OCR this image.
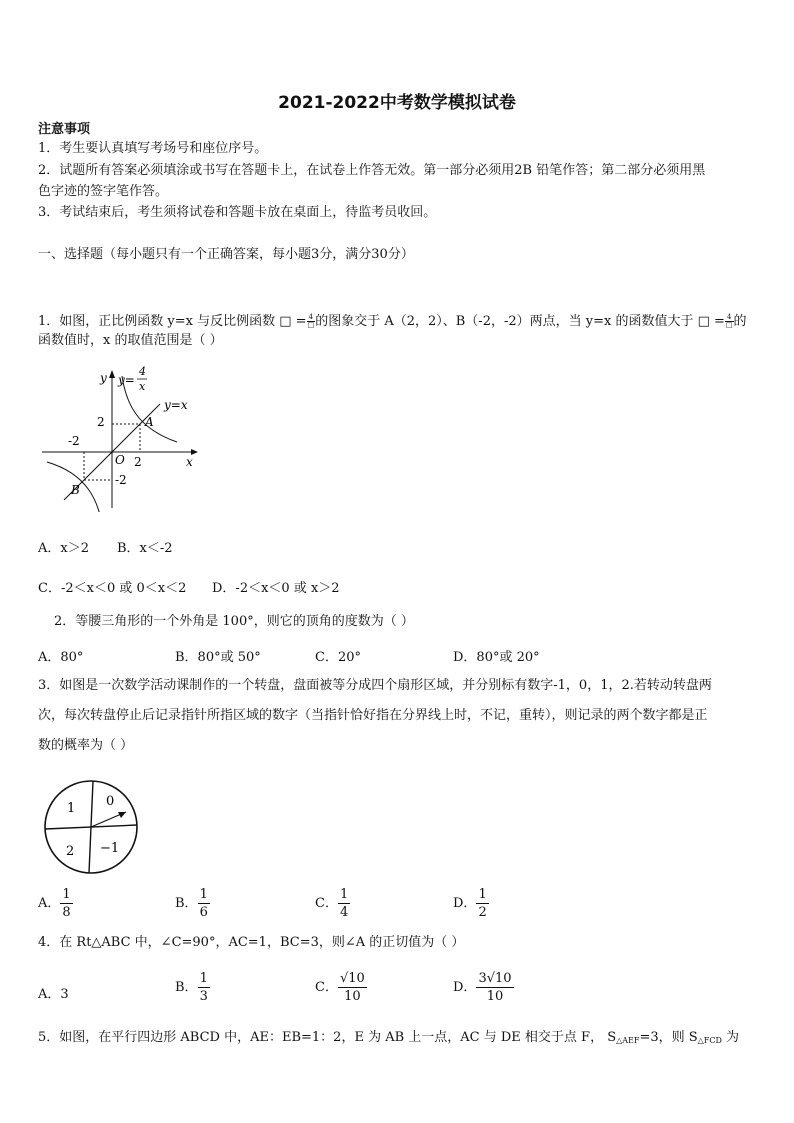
2021-2022中考数学模拟试卷
注意事项
1．考生要认真填写考场号和座位序号。
2．试题所有答案必须填涂或书写在答题卡上，在试卷上作答无效。第一部分必须用2B 铅笔作答；第二部分必须用黑
色字迹的签字笔作答。
3．考试结束后，考生须将试卷和答题卡放在桌面上，待监考员收回。
一、选择题（每小题只有一个正确答案，每小题3分，满分30分）
1．如图，正比例函数 y=x 与反比例函数 □ = $\frac{4}{□}$ 的图象交于 A（2，2）、B（-2，-2）两点，当 y=x 的函数值大于 □ = $\frac{4}{□}$ 的
函数值时，x 的取值范围是（ ）
y y=
4
x
y=x
A
B
2
-2
O 2	x
-2
A．x＞2 B．x＜-2
C．-2＜x＜0 或 0＜x＜2 D．-2＜x＜0 或 x＞2
2．等腰三角形的一个外角是 100°，则它的顶角的度数为（ ）
A．80°	B．80°或 50°	C．20°	D．80°或 20°
3．如图是一次数学活动课制作的一个转盘，盘面被等分成四个扇形区域，并分别标有数字-1，0，1，2.若转动转盘两
次，每次转盘停止后记录指针所指区域的数字（当指针恰好指在分界线上时，不记，重转），则记录的两个数字都是正
数的概率为（ ）
1 0
2 −1
A． $\frac{1}{8}$	B． $\frac{1}{6}$	C． $\frac{1}{4}$	D． $\frac{1}{2}$
4．在 Rt△ABC 中，∠C=90°，AC=1，BC=3，则∠A 的正切值为（ ）
A．3	B． $\frac{1}{3}$	C． $\frac{√10}{10}$	D． $\frac{3√10}{10}$
5．如图，在平行四边形 ABCD 中，AE：EB=1：2，E 为 AB 上一点，AC 与 DE 相交于点 F， $S_{\triangle AEF}=3$，则 $S_{\triangle FCD}$ 为
